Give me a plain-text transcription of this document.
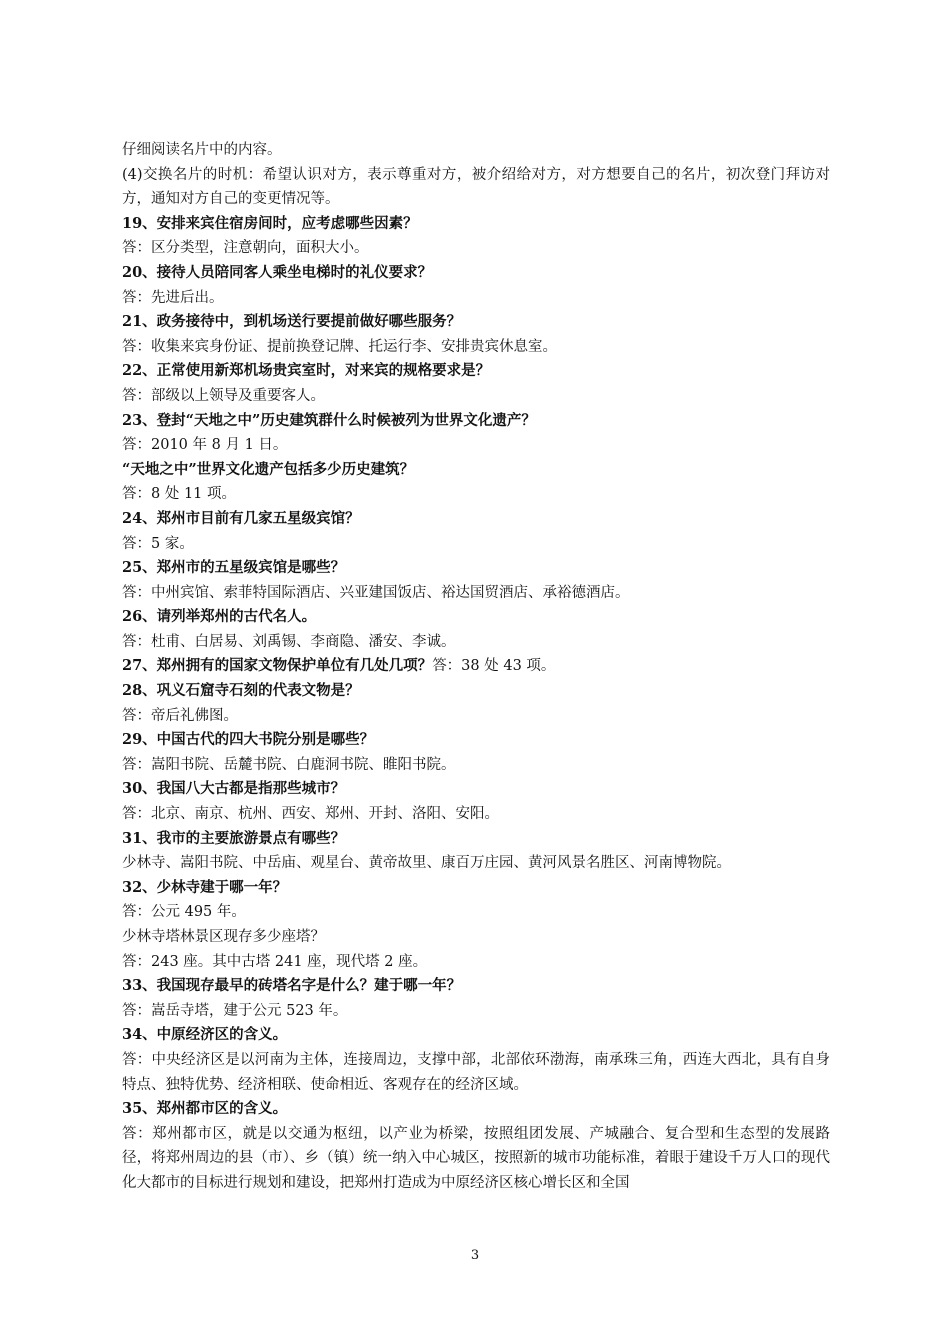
仔细阅读名片中的内容。
(4)交换名片的时机：希望认识对方，表示尊重对方，被介绍给对方，对方想要自己的名片，初次登门拜访对方，通知对方自己的变更情况等。
19、安排来宾住宿房间时，应考虑哪些因素？
答：区分类型，注意朝向，面积大小。
20、接待人员陪同客人乘坐电梯时的礼仪要求？
答：先进后出。
21、政务接待中，到机场送行要提前做好哪些服务？
答：收集来宾身份证、提前换登记牌、托运行李、安排贵宾休息室。
22、正常使用新郑机场贵宾室时，对来宾的规格要求是？
答：部级以上领导及重要客人。
23、登封“天地之中”历史建筑群什么时候被列为世界文化遗产？
答：2010 年 8 月 1 日。
“天地之中”世界文化遗产包括多少历史建筑？
答：8 处 11 项。
24、郑州市目前有几家五星级宾馆？
答：5 家。
25、郑州市的五星级宾馆是哪些？
答：中州宾馆、索菲特国际酒店、兴亚建国饭店、裕达国贸酒店、承裕德酒店。
26、请列举郑州的古代名人。
答：杜甫、白居易、刘禹锡、李商隐、潘安、李诚。
27、郑州拥有的国家文物保护单位有几处几项？答：38 处 43 项。
28、巩义石窟寺石刻的代表文物是？
答：帝后礼佛图。
29、中国古代的四大书院分别是哪些？
答：嵩阳书院、岳麓书院、白鹿洞书院、睢阳书院。
30、我国八大古都是指那些城市？
答：北京、南京、杭州、西安、郑州、开封、洛阳、安阳。
31、我市的主要旅游景点有哪些？
少林寺、嵩阳书院、中岳庙、观星台、黄帝故里、康百万庄园、黄河风景名胜区、河南博物院。
32、少林寺建于哪一年？
答：公元 495 年。
少林寺塔林景区现存多少座塔？
答：243 座。其中古塔 241 座，现代塔 2 座。
33、我国现存最早的砖塔名字是什么？建于哪一年？
答：嵩岳寺塔，建于公元 523 年。
34、中原经济区的含义。
答：中央经济区是以河南为主体，连接周边，支撑中部，北部依环渤海，南承珠三角，西连大西北，具有自身特点、独特优势、经济相联、使命相近、客观存在的经济区域。
35、郑州都市区的含义。
答：郑州都市区，就是以交通为枢纽，以产业为桥梁，按照组团发展、产城融合、复合型和生态型的发展路径，将郑州周边的县（市）、乡（镇）统一纳入中心城区，按照新的城市功能标准，着眼于建设千万人口的现代化大都市的目标进行规划和建设，把郑州打造成为中原经济区核心增长区和全国
3
